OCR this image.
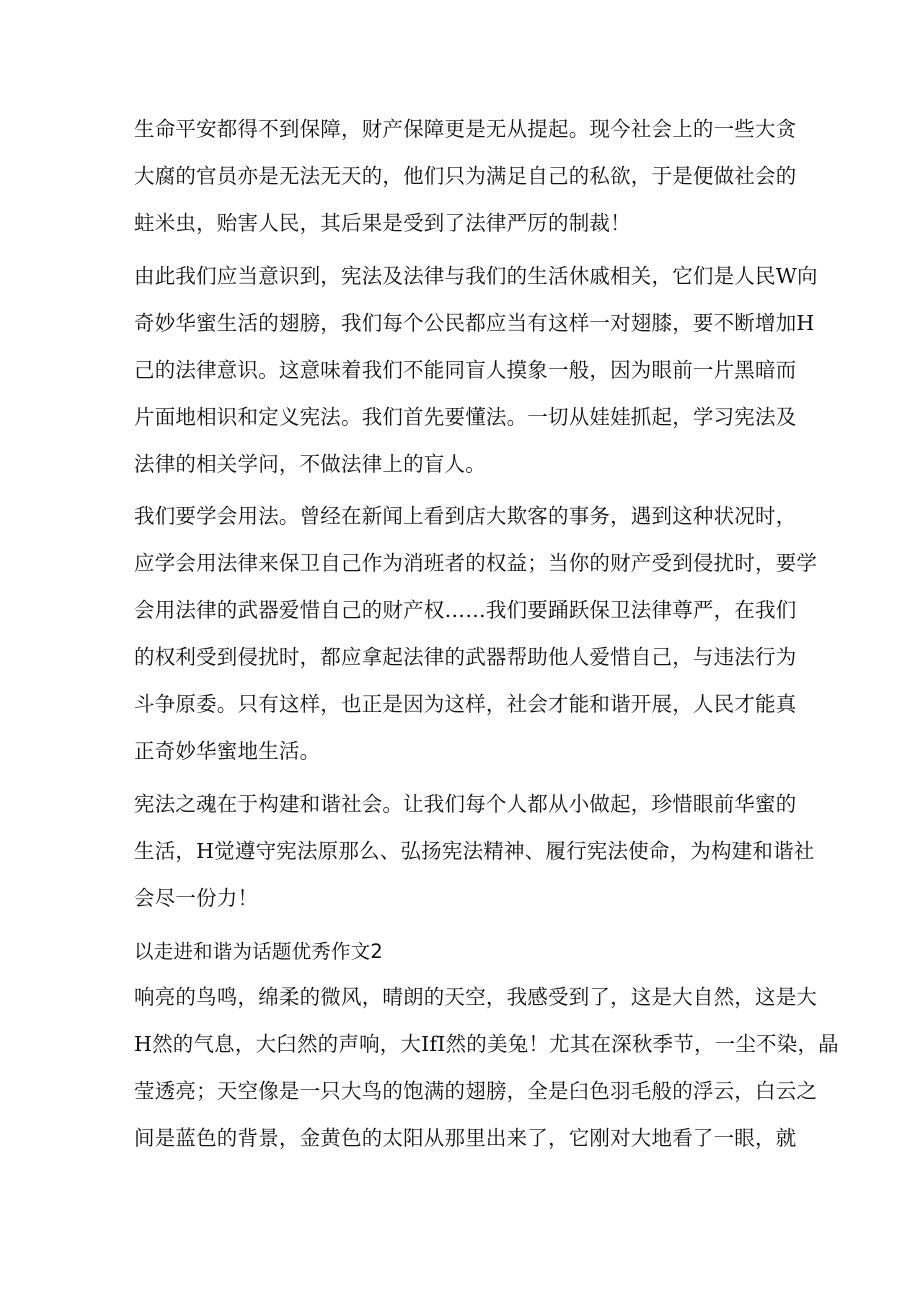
生命平安都得不到保障，财产保障更是无从提起。现今社会上的一些大贪
大腐的官员亦是无法无天的，他们只为满足自己的私欲，于是便做社会的
蛀米虫，贻害人民，其后果是受到了法律严厉的制裁！
由此我们应当意识到，宪法及法律与我们的生活休戚相关，它们是人民W向
奇妙华蜜生活的翅膀，我们每个公民都应当有这样一对翅膝，要不断增加H
己的法律意识。这意味着我们不能同盲人摸象一般，因为眼前一片黑暗而
片面地相识和定义宪法。我们首先要懂法。一切从娃娃抓起，学习宪法及
法律的相关学问，不做法律上的盲人。
我们要学会用法。曾经在新闻上看到店大欺客的事务，遇到这种状况时，
应学会用法律来保卫自己作为消班者的权益；当你的财产受到侵扰时，要学
会用法律的武器爱惜自己的财产权……我们要踊跃保卫法律尊严，在我们
的权利受到侵扰时，都应拿起法律的武器帮助他人爱惜自己，与违法行为
斗争原委。只有这样，也正是因为这样，社会才能和谐开展，人民才能真
正奇妙华蜜地生活。
宪法之魂在于构建和谐社会。让我们每个人都从小做起，珍惜眼前华蜜的
生活，H觉遵守宪法原那么、弘扬宪法精神、履行宪法使命，为构建和谐社
会尽一份力！
以走进和谐为话题优秀作文2
响亮的鸟鸣，绵柔的微风，晴朗的天空，我感受到了，这是大自然，这是大
H然的气息，大臼然的声响，大IfI然的美兔！尤其在深秋季节，一尘不染，晶
莹透亮；天空像是一只大鸟的饱满的翅膀，全是臼色羽毛般的浮云，白云之
间是蓝色的背景，金黄色的太阳从那里出来了，它刚对大地看了一眼，就
